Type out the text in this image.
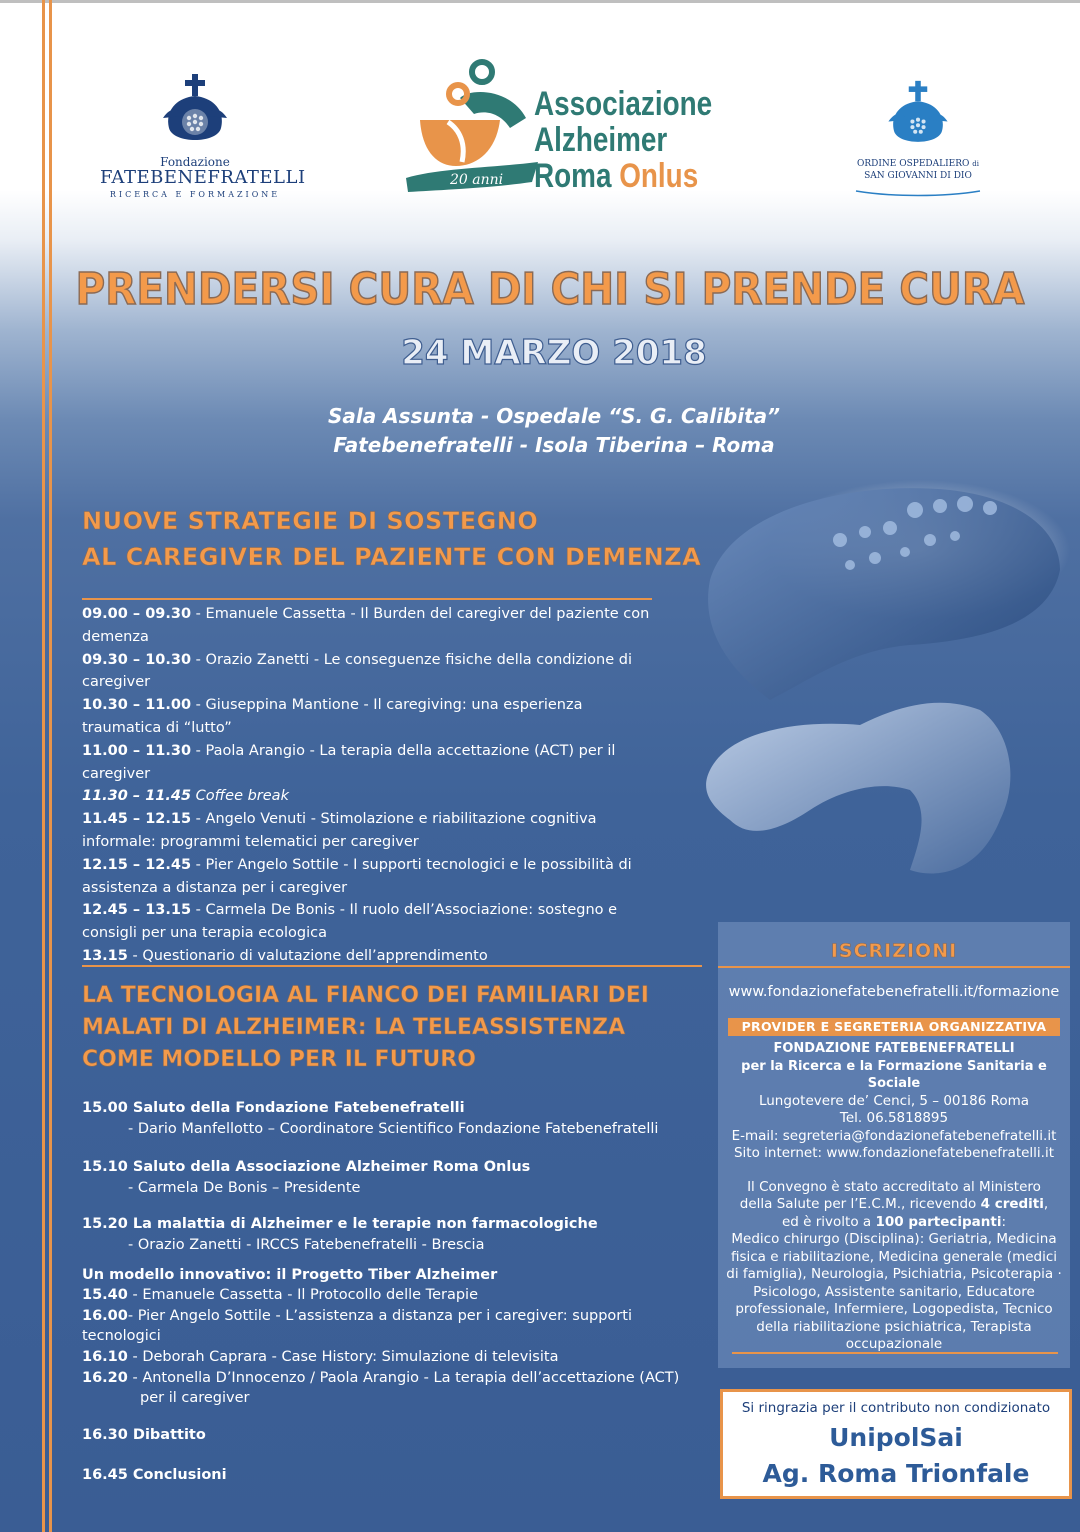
Fondazione
FATEBENEFRATELLI
RICERCA E FORMAZIONE
20 anni
Associazione
Alzheimer
Roma Onlus	ORDINE OSPEDALIERO di
SAN GIOVANNI DI DIO
PRENDERSI CURA DI CHI SI PRENDE CURA
24 MARZO 2018
Sala Assunta - Ospedale “S. G. Calibita”
Fatebenefratelli - Isola Tiberina – Roma
NUOVE STRATEGIE DI SOSTEGNO
AL CAREGIVER DEL PAZIENTE CON DEMENZA
09.00 – 09.30 - Emanuele Cassetta - Il Burden del caregiver del paziente con demenza
09.30 – 10.30 - Orazio Zanetti - Le conseguenze fisiche della condizione di caregiver
10.30 – 11.00 - Giuseppina Mantione - Il caregiving: una esperienza traumatica di “lutto”
11.00 – 11.30 - Paola Arangio - La terapia della accettazione (ACT) per il caregiver
11.30 – 11.45 Coffee break
11.45 – 12.15 - Angelo Venuti - Stimolazione e riabilitazione cognitiva informale: programmi telematici per caregiver
12.15 – 12.45 - Pier Angelo Sottile - I supporti tecnologici e le possibilità di assistenza a distanza per i caregiver
12.45 – 13.15 - Carmela De Bonis - Il ruolo dell’Associazione: sostegno e consigli per una terapia ecologica
13.15 - Questionario di valutazione dell’apprendimento
LA TECNOLOGIA AL FIANCO DEI FAMILIARI DEI
MALATI DI ALZHEIMER: LA TELEASSISTENZA
COME MODELLO PER IL FUTURO
15.00 Saluto della Fondazione Fatebenefratelli
- Dario Manfellotto – Coordinatore Scientifico Fondazione Fatebenefratelli
15.10 Saluto della Associazione Alzheimer Roma Onlus
- Carmela De Bonis – Presidente
15.20 La malattia di Alzheimer e le terapie non farmacologiche
- Orazio Zanetti - IRCCS Fatebenefratelli - Brescia
Un modello innovativo: il Progetto Tiber Alzheimer
15.40 - Emanuele Cassetta - Il Protocollo delle Terapie
16.00- Pier Angelo Sottile - L’assistenza a distanza per i caregiver: supporti tecnologici
16.10 - Deborah Caprara - Case History: Simulazione di televisita
16.20 - Antonella D’Innocenzo / Paola Arangio - La terapia dell’accettazione (ACT)
per il caregiver
16.30 Dibattito
16.45 Conclusioni
ISCRIZIONI
www.fondazionefatebenefratelli.it/formazione
PROVIDER E SEGRETERIA ORGANIZZATIVA
FONDAZIONE FATEBENEFRATELLI
per la Ricerca e la Formazione Sanitaria e Sociale
Lungotevere de’ Cenci, 5 – 00186 Roma
Tel. 06.5818895
E-mail: segreteria@fondazionefatebenefratelli.it
Sito internet: www.fondazionefatebenefratelli.it
Il Convegno è stato accreditato al Ministero della Salute per l’E.C.M., ricevendo 4 crediti,
ed è rivolto a 100 partecipanti:
Medico chirurgo (Disciplina): Geriatria, Medicina fisica e riabilitazione, Medicina generale (medici di famiglia), Neurologia, Psichiatria, Psicoterapia · Psicologo, Assistente sanitario, Educatore professionale, Infermiere, Logopedista, Tecnico della riabilitazione psichiatrica, Terapista occupazionale
Si ringrazia per il contributo non condizionato
UnipolSai
Ag. Roma Trionfale
